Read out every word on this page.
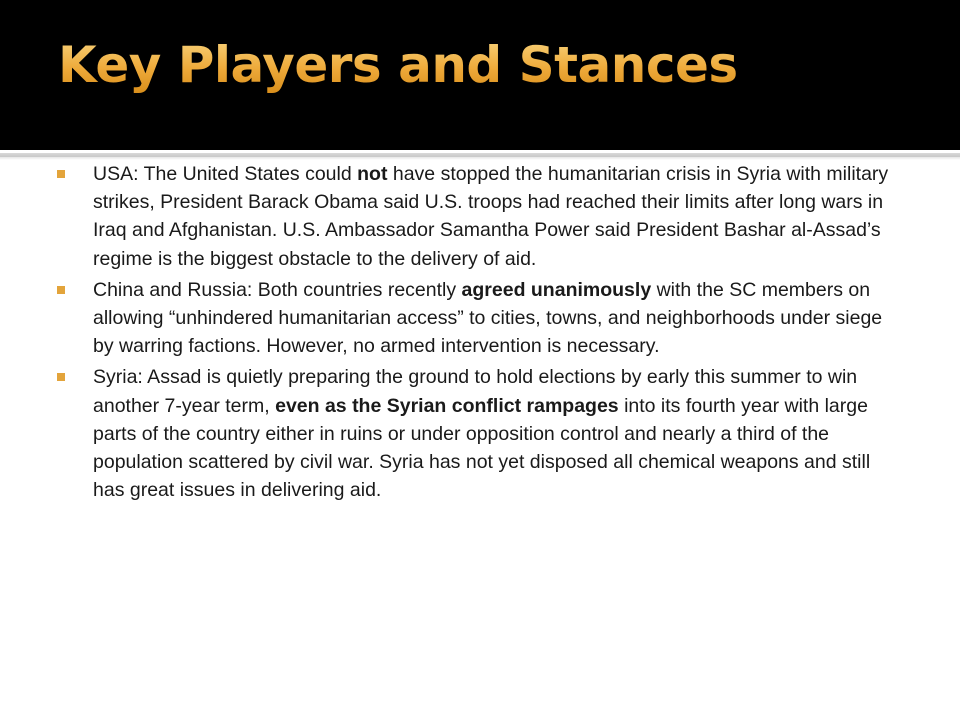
Key Players and Stances
USA: The United States could not have stopped the humanitarian crisis in Syria with military strikes, President Barack Obama said U.S. troops had reached their limits after long wars in Iraq and Afghanistan. U.S. Ambassador Samantha Power said President Bashar al-Assad’s regime is the biggest obstacle to the delivery of aid.
China and Russia: Both countries recently agreed unanimously with the SC members on allowing “unhindered humanitarian access” to cities, towns, and neighborhoods under siege by warring factions. However, no armed intervention is necessary.
Syria: Assad is quietly preparing the ground to hold elections by early this summer to win another 7-year term, even as the Syrian conflict rampages into its fourth year with large parts of the country either in ruins or under opposition control and nearly a third of the population scattered by civil war. Syria has not yet disposed all chemical weapons and still has great issues in delivering aid.
